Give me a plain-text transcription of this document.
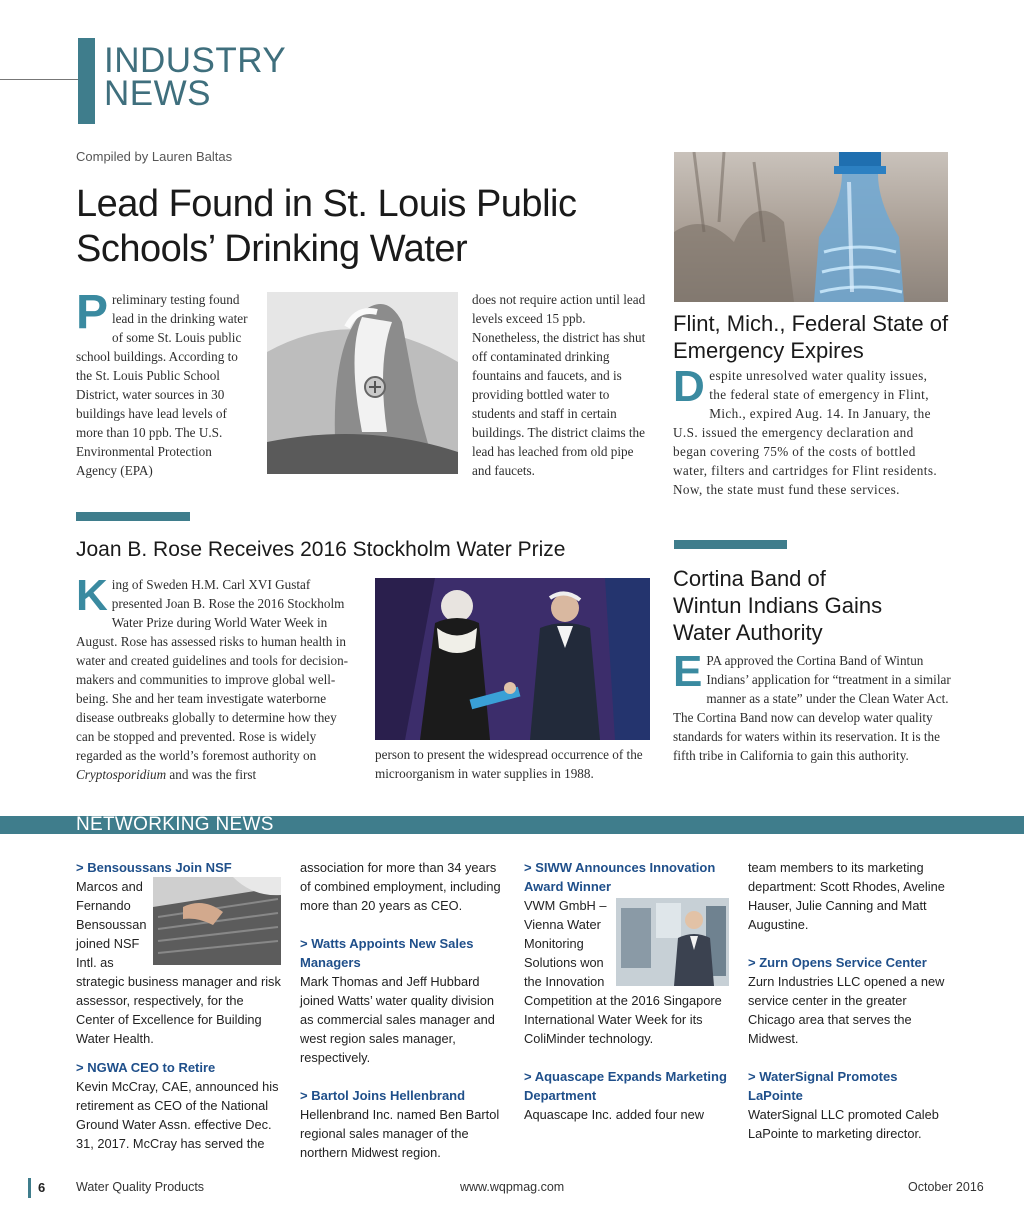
INDUSTRY
NEWS
Compiled by Lauren Baltas
Lead Found in St. Louis Public
Schools’ Drinking Water
Preliminary testing found lead in the drinking water of some St. Louis public school buildings. According to the St. Louis Public School District, water sources in 30 buildings have lead levels of more than 10 ppb. The U.S. Environmental Protection Agency (EPA)
does not require action until lead levels exceed 15 ppb. Nonetheless, the district has shut off contaminated drinking fountains and faucets, and is providing bottled water to students and staff in certain buildings. The district claims the lead has leached from old pipe and faucets.
Flint, Mich., Federal State of
Emergency Expires
Despite unresolved water quality issues, the federal state of emergency in Flint, Mich., expired Aug. 14. In January, the U.S. issued the emergency declaration and began covering 75% of the costs of bottled water, filters and cartridges for Flint residents. Now, the state must fund these services.
Joan B. Rose Receives 2016 Stockholm Water Prize
King of Sweden H.M. Carl XVI Gustaf presented Joan B. Rose the 2016 Stockholm Water Prize during World Water Week in August. Rose has assessed risks to human health in water and created guidelines and tools for decision-makers and communities to improve global well-being. She and her team investigate waterborne disease outbreaks globally to determine how they can be stopped and prevented. Rose is widely regarded as the world’s foremost authority on Cryptosporidium and was the first
person to present the widespread occurrence of the microorganism in water supplies in 1988.
Cortina Band of
Wintun Indians Gains
Water Authority
EPA approved the Cortina Band of Wintun Indians’ application for “treatment in a similar manner as a state” under the Clean Water Act. The Cortina Band now can develop water quality standards for waters within its reservation. It is the fifth tribe in California to gain this authority.
NETWORKING NEWS
> Bensoussans Join NSF
Marcos and Fernando Bensoussan joined NSF Intl. as strategic business manager and risk assessor, respectively, for the Center of Excellence for Building Water Health.
> NGWA CEO to Retire
Kevin McCray, CAE, announced his retirement as CEO of the National Ground Water Assn. effective Dec. 31, 2017. McCray has served the
association for more than 34 years of combined employment, including more than 20 years as CEO.
> Watts Appoints New Sales Managers
Mark Thomas and Jeff Hubbard joined Watts’ water quality division as commercial sales manager and west region sales manager, respectively.
> Bartol Joins Hellenbrand
Hellenbrand Inc. named Ben Bartol regional sales manager of the northern Midwest region.
> SIWW Announces Innovation Award Winner
VWM GmbH – Vienna Water Monitoring Solutions won the Innovation Competition at the 2016 Singapore International Water Week for its ColiMinder technology.
> Aquascape Expands Marketing Department
Aquascape Inc. added four new
team members to its marketing department: Scott Rhodes, Aveline Hauser, Julie Canning and Matt Augustine.
> Zurn Opens Service Center
Zurn Industries LLC opened a new service center in the greater Chicago area that serves the Midwest.
> WaterSignal Promotes LaPointe
WaterSignal LLC promoted Caleb LaPointe to marketing director.
6 Water Quality Products	www.wqpmag.com	October 2016
